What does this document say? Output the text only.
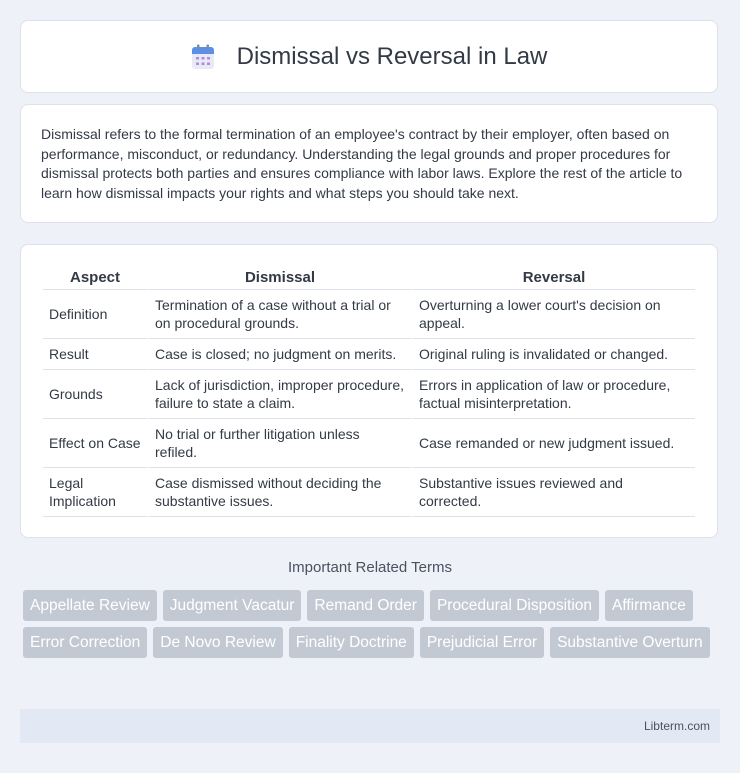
Dismissal vs Reversal in Law
Dismissal refers to the formal termination of an employee's contract by their employer, often based on performance, misconduct, or redundancy. Understanding the legal grounds and proper procedures for dismissal protects both parties and ensures compliance with labor laws. Explore the rest of the article to learn how dismissal impacts your rights and what steps you should take next.
Aspect	Dismissal	Reversal
Definition	Termination of a case without a trial or on procedural grounds.	Overturning a lower court's decision on appeal.
Result	Case is closed; no judgment on merits.	Original ruling is invalidated or changed.
Grounds	Lack of jurisdiction, improper procedure, failure to state a claim.	Errors in application of law or procedure, factual misinterpretation.
Effect on Case	No trial or further litigation unless refiled.	Case remanded or new judgment issued.
Legal Implication	Case dismissed without deciding the substantive issues.	Substantive issues reviewed and corrected.
Important Related Terms
Appellate Review	Judgment Vacatur	Remand Order	Procedural Disposition	Affirmance
Error Correction	De Novo Review	Finality Doctrine	Prejudicial Error	Substantive Overturn
Libterm.com
